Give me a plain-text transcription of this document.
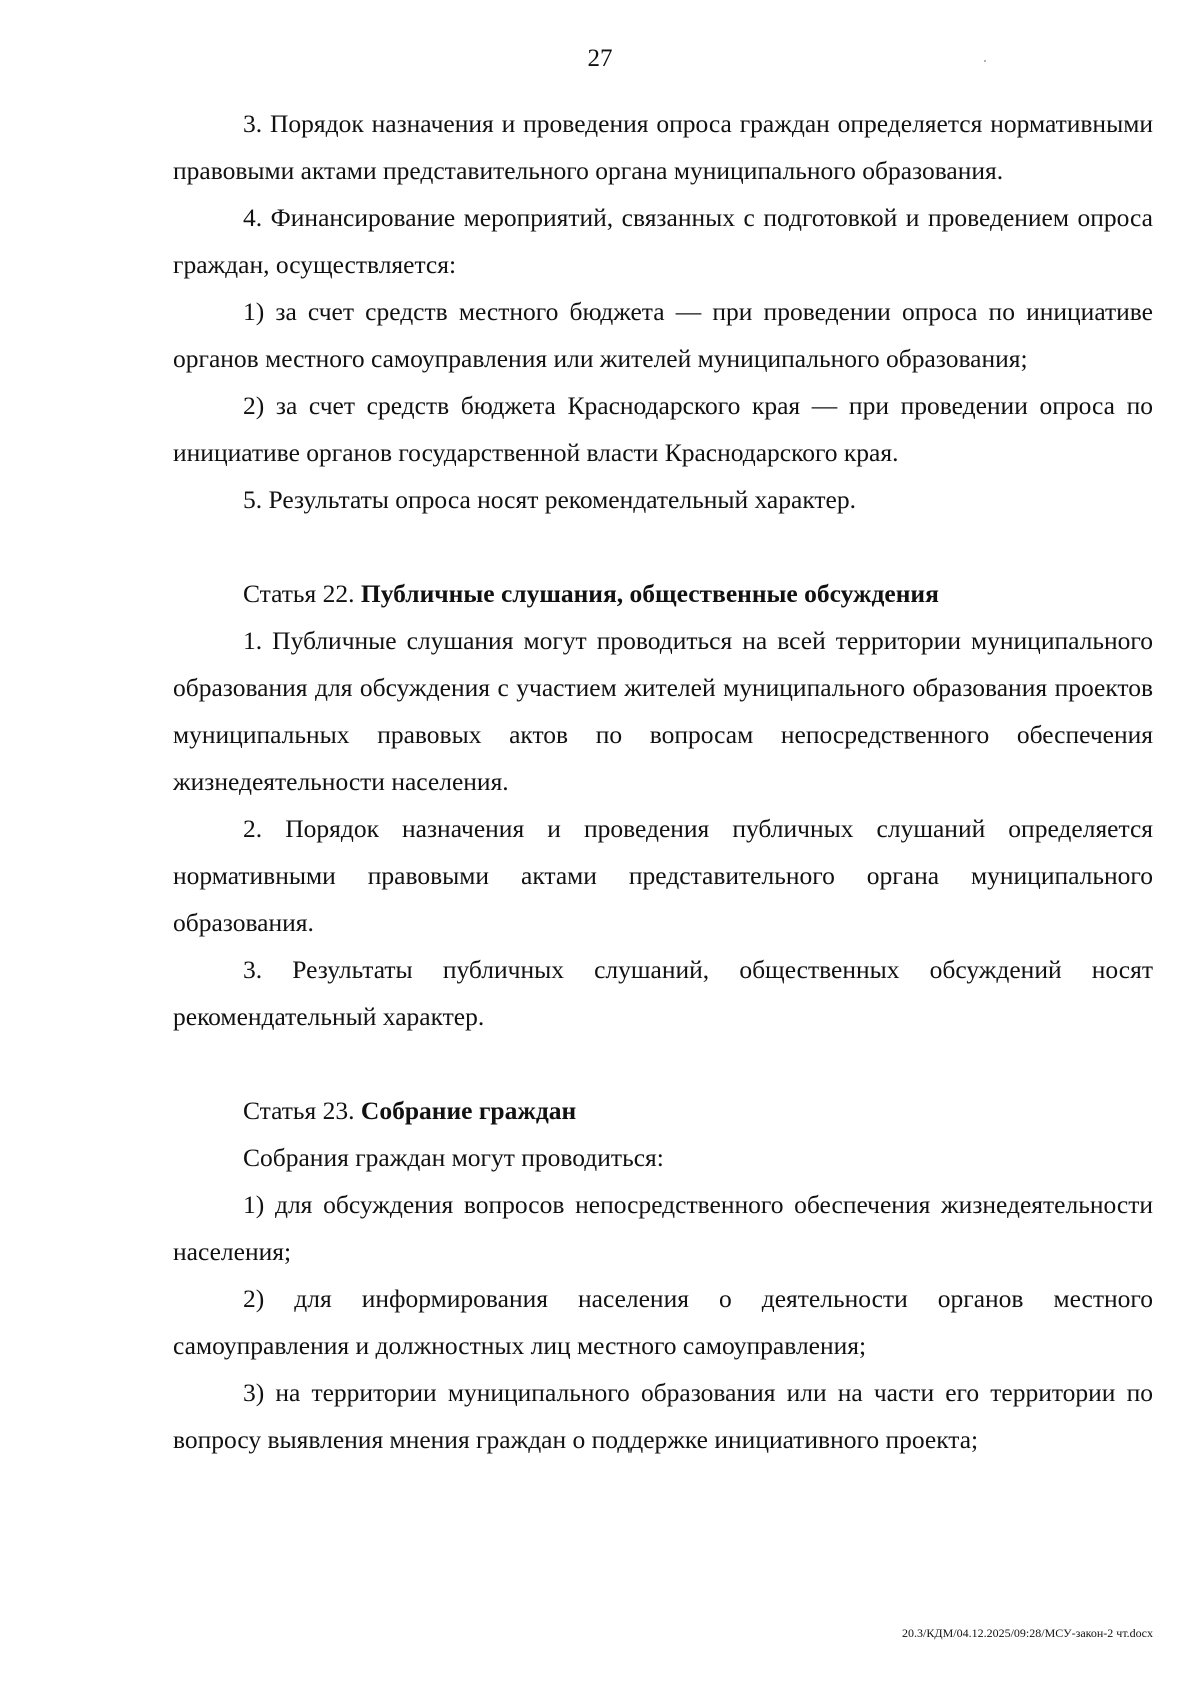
27

3. Порядок назначения и проведения опроса граждан определяется нормативными правовыми актами представительного органа муниципального образования.

4. Финансирование мероприятий, связанных с подготовкой и проведением опроса граждан, осуществляется:

1) за счет средств местного бюджета — при проведении опроса по инициативе органов местного самоуправления или жителей муниципального образования;

2) за счет средств бюджета Краснодарского края — при проведении опроса по инициативе органов государственной власти Краснодарского края.

5. Результаты опроса носят рекомендательный характер.

Статья 22. Публичные слушания, общественные обсуждения

1. Публичные слушания могут проводиться на всей территории муниципального образования для обсуждения с участием жителей муниципального образования проектов муниципальных правовых актов по вопросам непосредственного обеспечения жизнедеятельности населения.

2. Порядок назначения и проведения публичных слушаний определяется нормативными правовыми актами представительного органа муниципального образования.

3. Результаты публичных слушаний, общественных обсуждений носят рекомендательный характер.

Статья 23. Собрание граждан

Собрания граждан могут проводиться:

1) для обсуждения вопросов непосредственного обеспечения жизнедеятельности населения;

2) для информирования населения о деятельности органов местного самоуправления и должностных лиц местного самоуправления;

3) на территории муниципального образования или на части его территории по вопросу выявления мнения граждан о поддержке инициативного проекта;

20.3/КДМ/04.12.2025/09:28/МСУ-закон-2 чт.docx
